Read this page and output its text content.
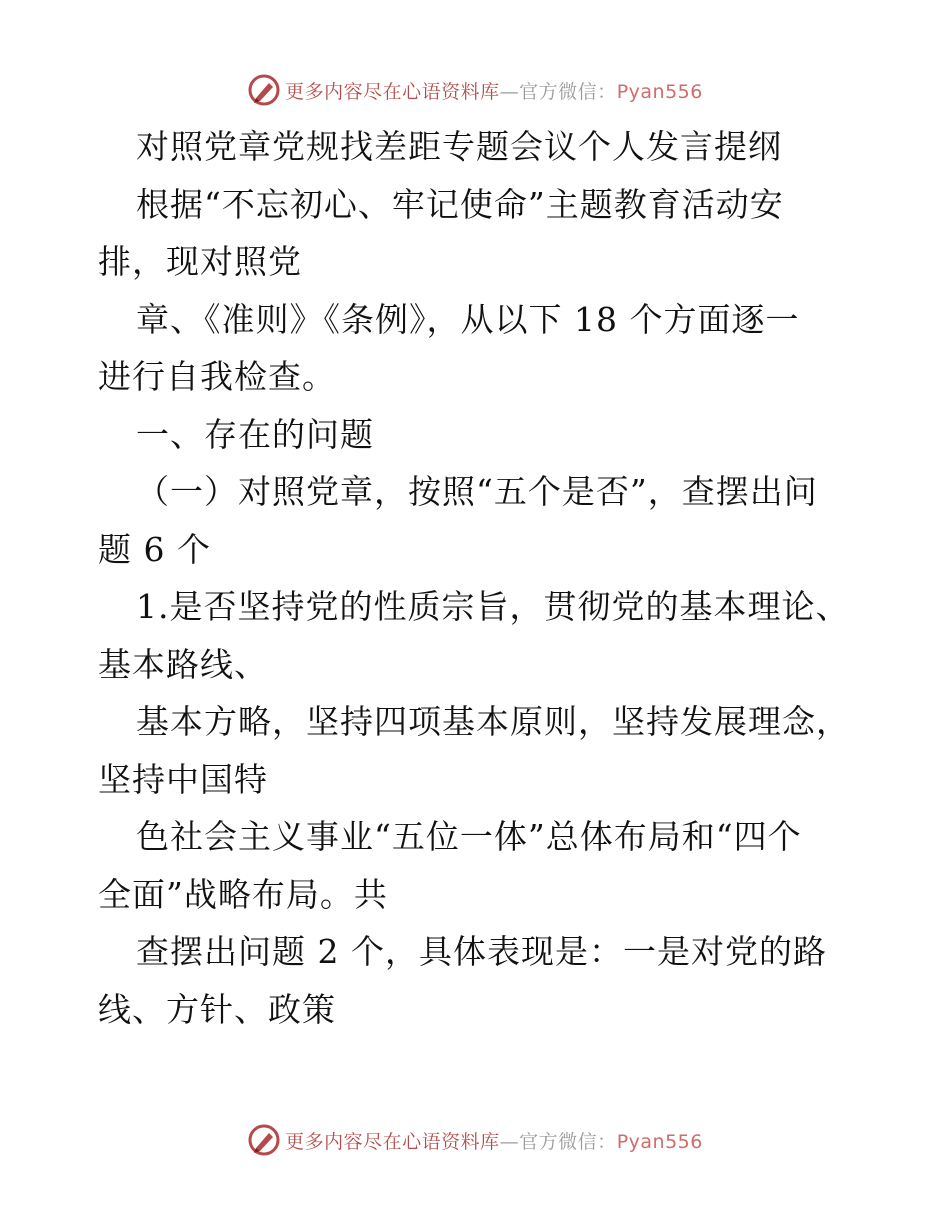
更多内容尽在心语资料库—官方微信：Pyan556
对照党章党规找差距专题会议个人发言提纲
根据“不忘初心、牢记使命”主题教育活动安
排，现对照党
章、《准则》《条例》，从以下 18 个方面逐一
进行自我检查。
一、存在的问题
（一）对照党章，按照“五个是否”，查摆出问
题 6 个
1.是否坚持党的性质宗旨，贯彻党的基本理论、
基本路线、
基本方略，坚持四项基本原则，坚持发展理念，
坚持中国特
色社会主义事业“五位一体”总体布局和“四个
全面”战略布局。共
查摆出问题 2 个，具体表现是：一是对党的路
线、方针、政策
更多内容尽在心语资料库—官方微信：Pyan556
